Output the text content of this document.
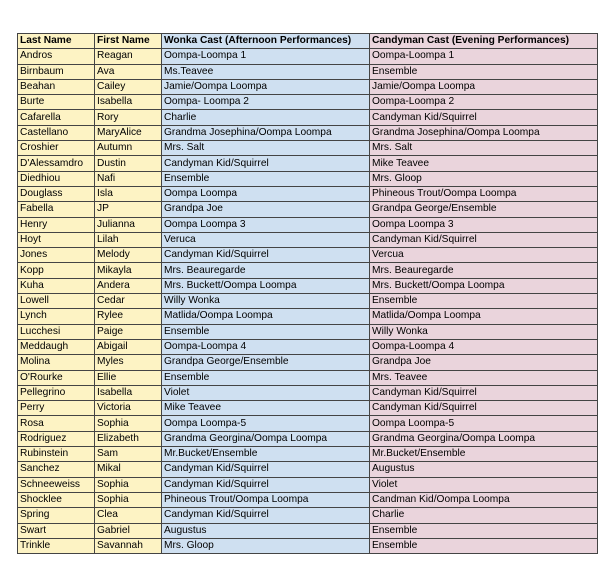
Last Name	First Name	Wonka Cast (Afternoon Performances)	Candyman Cast (Evening Performances)
Andros	Reagan	Oompa-Loompa 1	Oompa-Loompa 1
Birnbaum	Ava	Ms.Teavee	Ensemble
Beahan	Cailey	Jamie/Oompa Loompa	Jamie/Oompa Loompa
Burte	Isabella	Oompa- Loompa 2	Oompa-Loompa 2
Cafarella	Rory	Charlie	Candyman Kid/Squirrel
Castellano	MaryAlice	Grandma Josephina/Oompa Loompa	Grandma Josephina/Oompa Loompa
Croshier	Autumn	Mrs. Salt	Mrs. Salt
D'Alessamdro	Dustin	Candyman Kid/Squirrel	Mike Teavee
Diedhiou	Nafi	Ensemble	Mrs. Gloop
Douglass	Isla	Oompa Loompa	Phineous Trout/Oompa Loompa
Fabella	JP	Grandpa Joe	Grandpa George/Ensemble
Henry	Julianna	Oompa Loompa 3	Oompa Loompa 3
Hoyt	Lilah	Veruca	Candyman Kid/Squirrel
Jones	Melody	Candyman Kid/Squirrel	Vercua
Kopp	Mikayla	Mrs. Beauregarde	Mrs. Beauregarde
Kuha	Andera	Mrs. Buckett/Oompa Loompa	Mrs. Buckett/Oompa Loompa
Lowell	Cedar	Willy Wonka	Ensemble
Lynch	Rylee	Matlida/Oompa Loompa	Matlida/Oompa Loompa
Lucchesi	Paige	Ensemble	Willy Wonka
Meddaugh	Abigail	Oompa-Loompa 4	Oompa-Loompa 4
Molina	Myles	Grandpa George/Ensemble	Grandpa Joe
O'Rourke	Ellie	Ensemble	Mrs. Teavee
Pellegrino	Isabella	Violet	Candyman Kid/Squirrel
Perry	Victoria	Mike Teavee	Candyman Kid/Squirrel
Rosa	Sophia	Oompa Loompa-5	Oompa Loompa-5
Rodriguez	Elizabeth	Grandma Georgina/Oompa Loompa	Grandma Georgina/Oompa Loompa
Rubinstein	Sam	Mr.Bucket/Ensemble	Mr.Bucket/Ensemble
Sanchez	Mikal	Candyman Kid/Squirrel	Augustus
Schneeweiss	Sophia	Candyman Kid/Squirrel	Violet
Shocklee	Sophia	Phineous Trout/Oompa Loompa	Candman Kid/Oompa Loompa
Spring	Clea	Candyman Kid/Squirrel	Charlie
Swart	Gabriel	Augustus	Ensemble
Trinkle	Savannah	Mrs. Gloop	Ensemble
